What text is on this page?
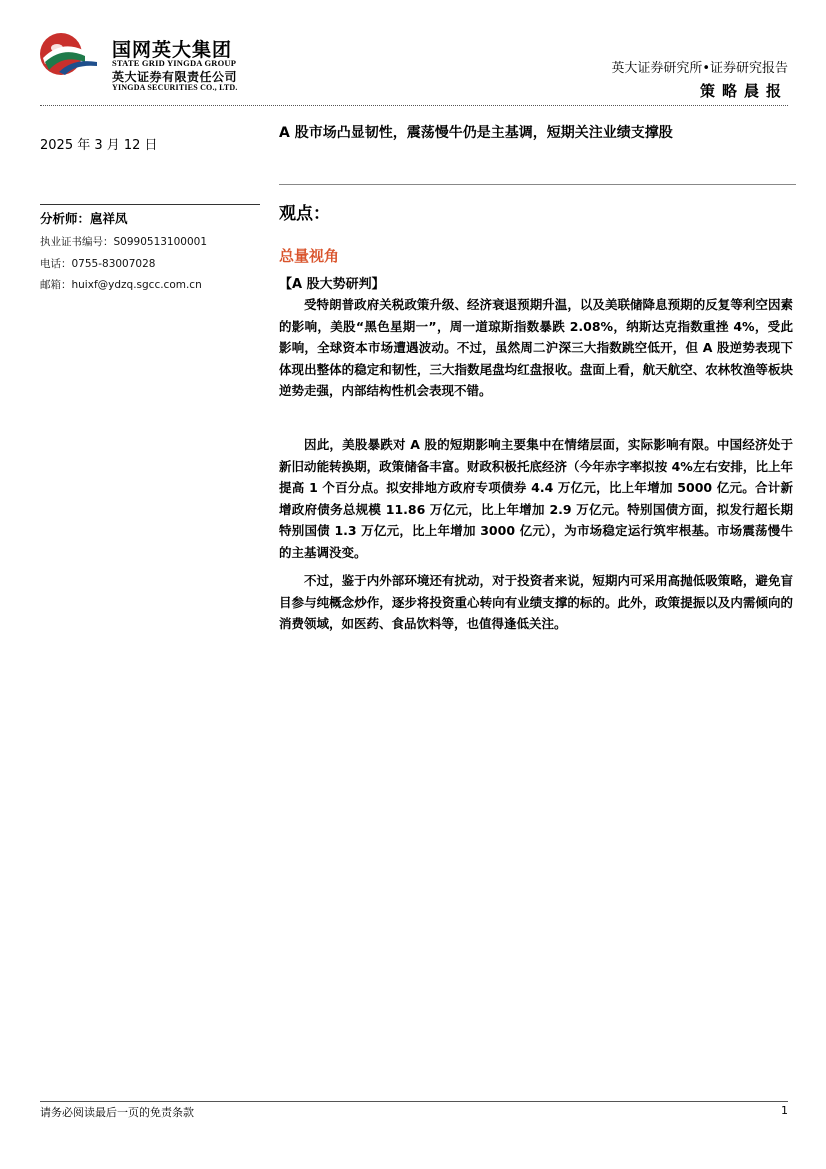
国网英大集团
STATE GRID YINGDA GROUP
英大证券有限责任公司
YINGDA SECURITIES CO., LTD.
英大证券研究所•证券研究报告
策略晨报
2025 年 3 月 12 日
分析师：扈祥凤
执业证书编号：S0990513100001
电话：0755-83007028
邮箱：huixf@ydzq.sgcc.com.cn
A 股市场凸显韧性，震荡慢牛仍是主基调，短期关注业绩支撑股
观点：
总量视角
【A 股大势研判】

受特朗普政府关税政策升级、经济衰退预期升温，以及美联储降息预期的反复等利空因素的影响，美股“黑色星期一”，周一道琼斯指数暴跌 2.08%，纳斯达克指数重挫 4%，受此影响，全球资本市场遭遇波动。不过，虽然周二沪深三大指数跳空低开，但 A 股逆势表现下体现出整体的稳定和韧性，三大指数尾盘均红盘报收。盘面上看，航天航空、农林牧渔等板块逆势走强，内部结构性机会表现不错。

因此，美股暴跌对 A 股的短期影响主要集中在情绪层面，实际影响有限。中国经济处于新旧动能转换期，政策储备丰富。财政积极托底经济（今年赤字率拟按 4%左右安排，比上年提高 1 个百分点。拟安排地方政府专项债券 4.4 万亿元，比上年增加 5000 亿元。合计新增政府债务总规模 11.86 万亿元，比上年增加 2.9 万亿元。特别国债方面，拟发行超长期特别国债 1.3 万亿元，比上年增加 3000 亿元），为市场稳定运行筑牢根基。市场震荡慢牛的主基调没变。

不过，鉴于内外部环境还有扰动，对于投资者来说，短期内可采用高抛低吸策略，避免盲目参与纯概念炒作，逐步将投资重心转向有业绩支撑的标的。此外，政策提振以及内需倾向的消费领域，如医药、食品饮料等，也值得逢低关注。

请务必阅读最后一页的免责条款	1
